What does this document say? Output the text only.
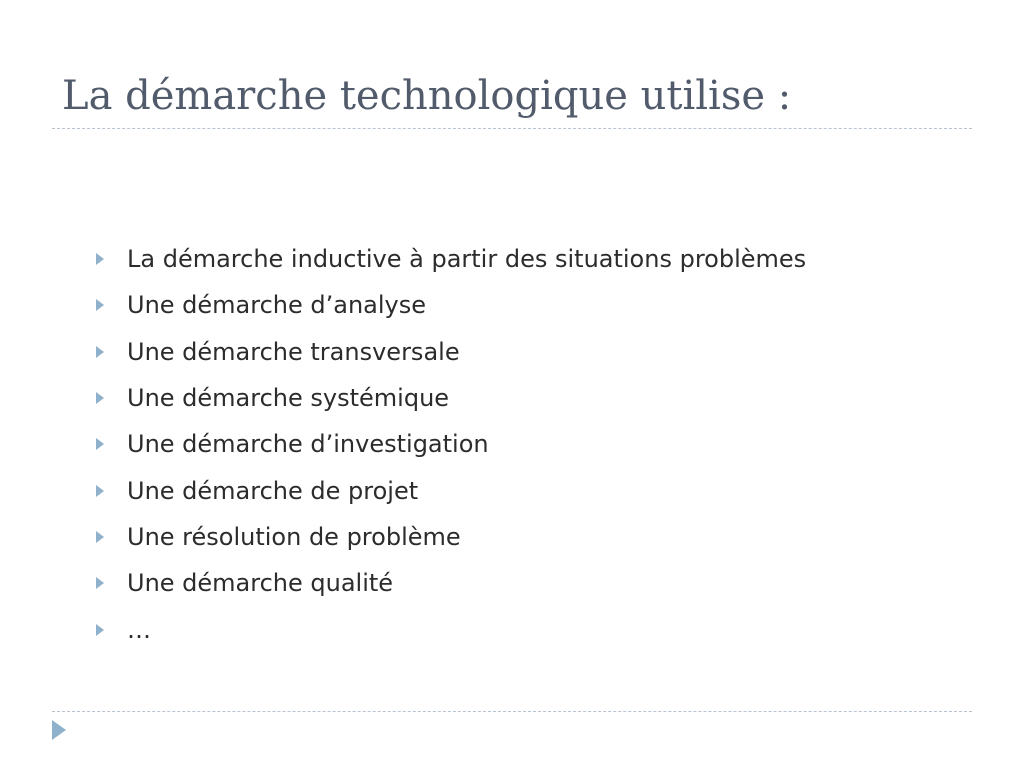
La démarche technologique utilise :
La démarche inductive à partir des situations problèmes
Une démarche d’analyse
Une démarche transversale
Une démarche systémique
Une démarche d’investigation
Une démarche de projet
Une résolution de problème
Une démarche qualité
…
